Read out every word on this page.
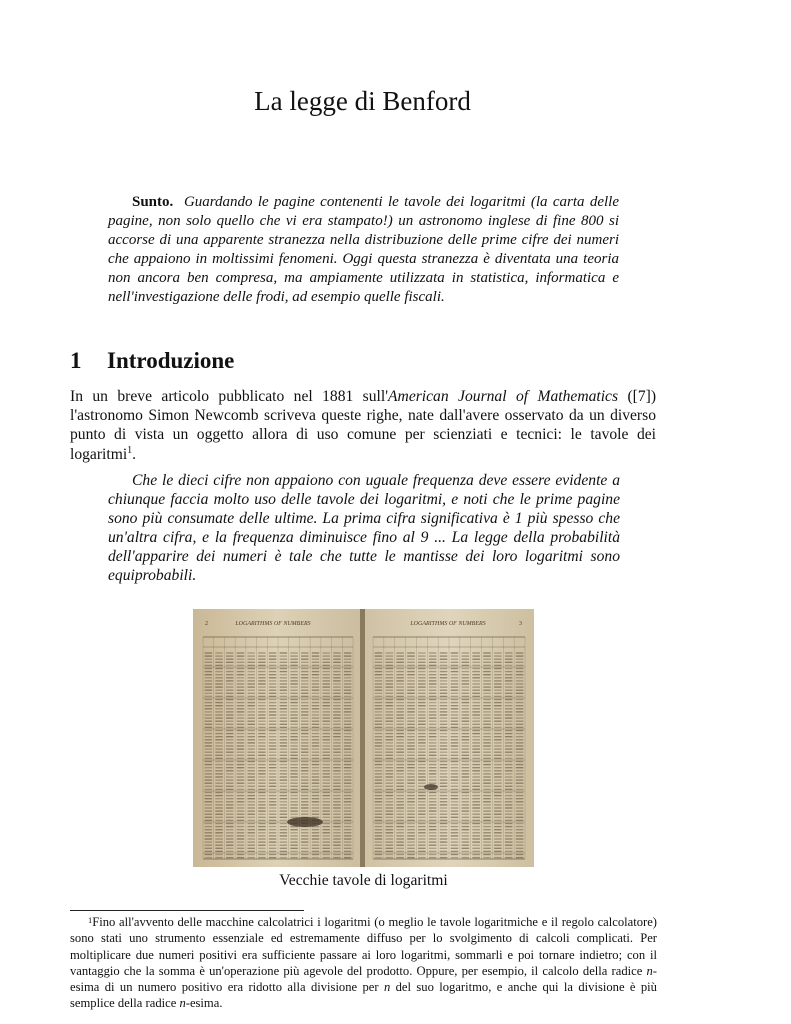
La legge di Benford
Sunto. Guardando le pagine contenenti le tavole dei logaritmi (la carta delle pagine, non solo quello che vi era stampato!) un astronomo inglese di fine 800 si accorse di una apparente stranezza nella distribuzione delle prime cifre dei numeri che appaiono in moltissimi fenomeni. Oggi questa stranezza è diventata una teoria non ancora ben compresa, ma ampiamente utilizzata in statistica, informatica e nell'investigazione delle frodi, ad esempio quelle fiscali.
1 Introduzione
In un breve articolo pubblicato nel 1881 sull'American Journal of Mathematics ([7]) l'astronomo Simon Newcomb scriveva queste righe, nate dall'avere osservato da un diverso punto di vista un oggetto allora di uso comune per scienziati e tecnici: le tavole dei logaritmi$^1$.
Che le dieci cifre non appaiono con uguale frequenza deve essere evidente a chiunque faccia molto uso delle tavole dei logaritmi, e noti che le prime pagine sono più consumate delle ultime. La prima cifra significativa è 1 più spesso che un'altra cifra, e la frequenza diminuisce fino al 9 ... La legge della probabilità dell'apparire dei numeri è tale che tutte le mantisse dei loro logaritmi sono equiprobabili.
LOGARITHMS OF NUMBERS	LOGARITHMS OF NUMBERS
2	3
Vecchie tavole di logaritmi
$^1$Fino all'avvento delle macchine calcolatrici i logaritmi (o meglio le tavole logaritmiche e il regolo calcolatore) sono stati uno strumento essenziale ed estremamente diffuso per lo svolgimento di calcoli complicati. Per moltiplicare due numeri positivi era sufficiente passare ai loro logaritmi, sommarli e poi tornare indietro; con il vantaggio che la somma è un'operazione più agevole del prodotto. Oppure, per esempio, il calcolo della radice n-esima di un numero positivo era ridotto alla divisione per n del suo logaritmo, e anche qui la divisione è più semplice della radice n-esima.
